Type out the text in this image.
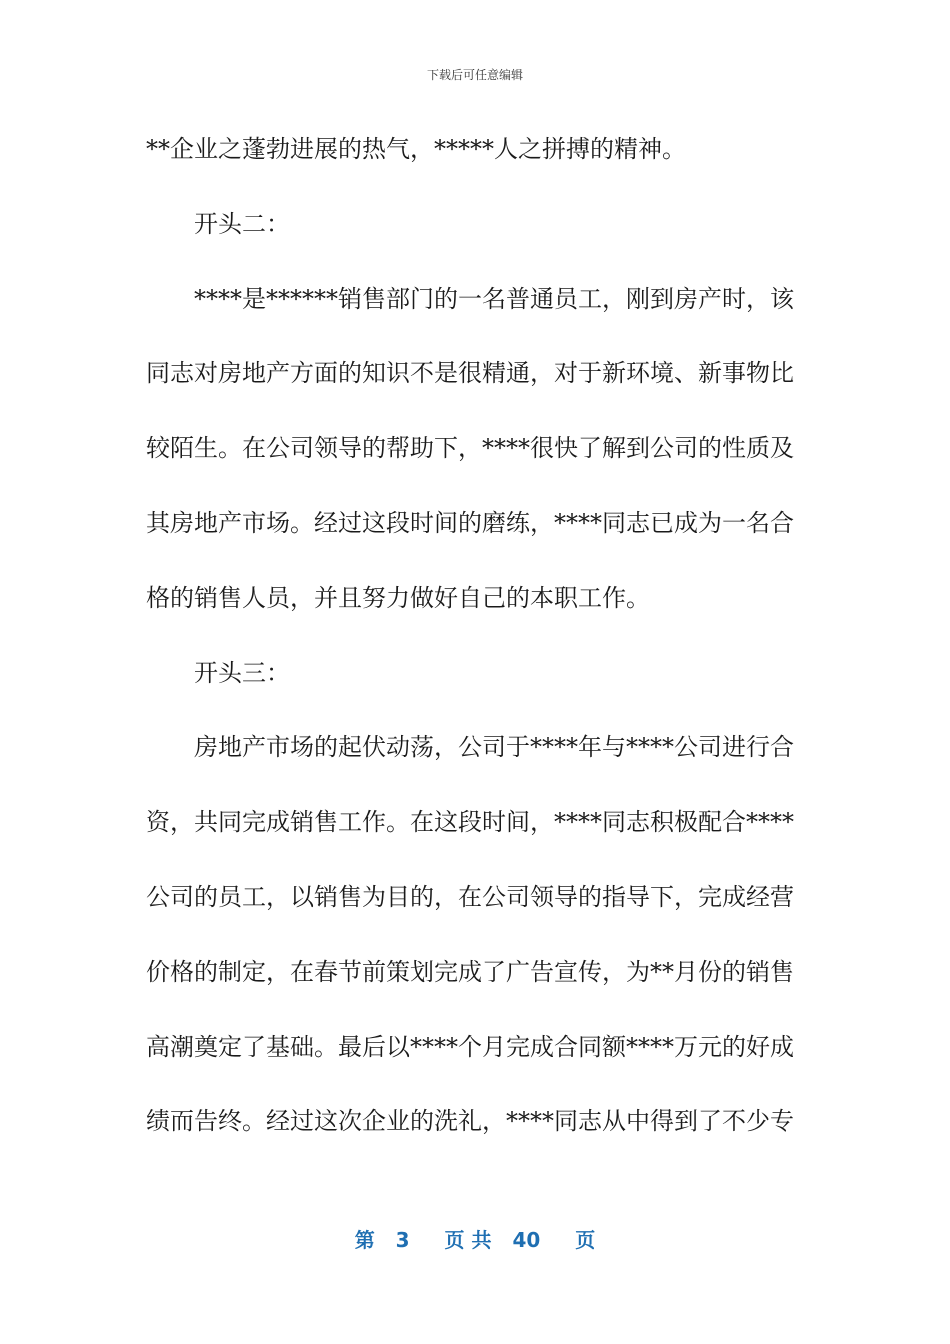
下载后可任意编辑
**企业之蓬勃进展的热气，*****人之拼搏的精神。
开头二：
****是******销售部门的一名普通员工，刚到房产时，该
同志对房地产方面的知识不是很精通，对于新环境、新事物比
较陌生。在公司领导的帮助下，****很快了解到公司的性质及
其房地产市场。经过这段时间的磨练，****同志已成为一名合
格的销售人员，并且努力做好自己的本职工作。
开头三：
房地产市场的起伏动荡，公司于****年与****公司进行合
资，共同完成销售工作。在这段时间，****同志积极配合****
公司的员工，以销售为目的，在公司领导的指导下，完成经营
价格的制定，在春节前策划完成了广告宣传，为**月份的销售
高潮奠定了基础。最后以****个月完成合同额****万元的好成
绩而告终。经过这次企业的洗礼，****同志从中得到了不少专
第 3 页 共 40 页
